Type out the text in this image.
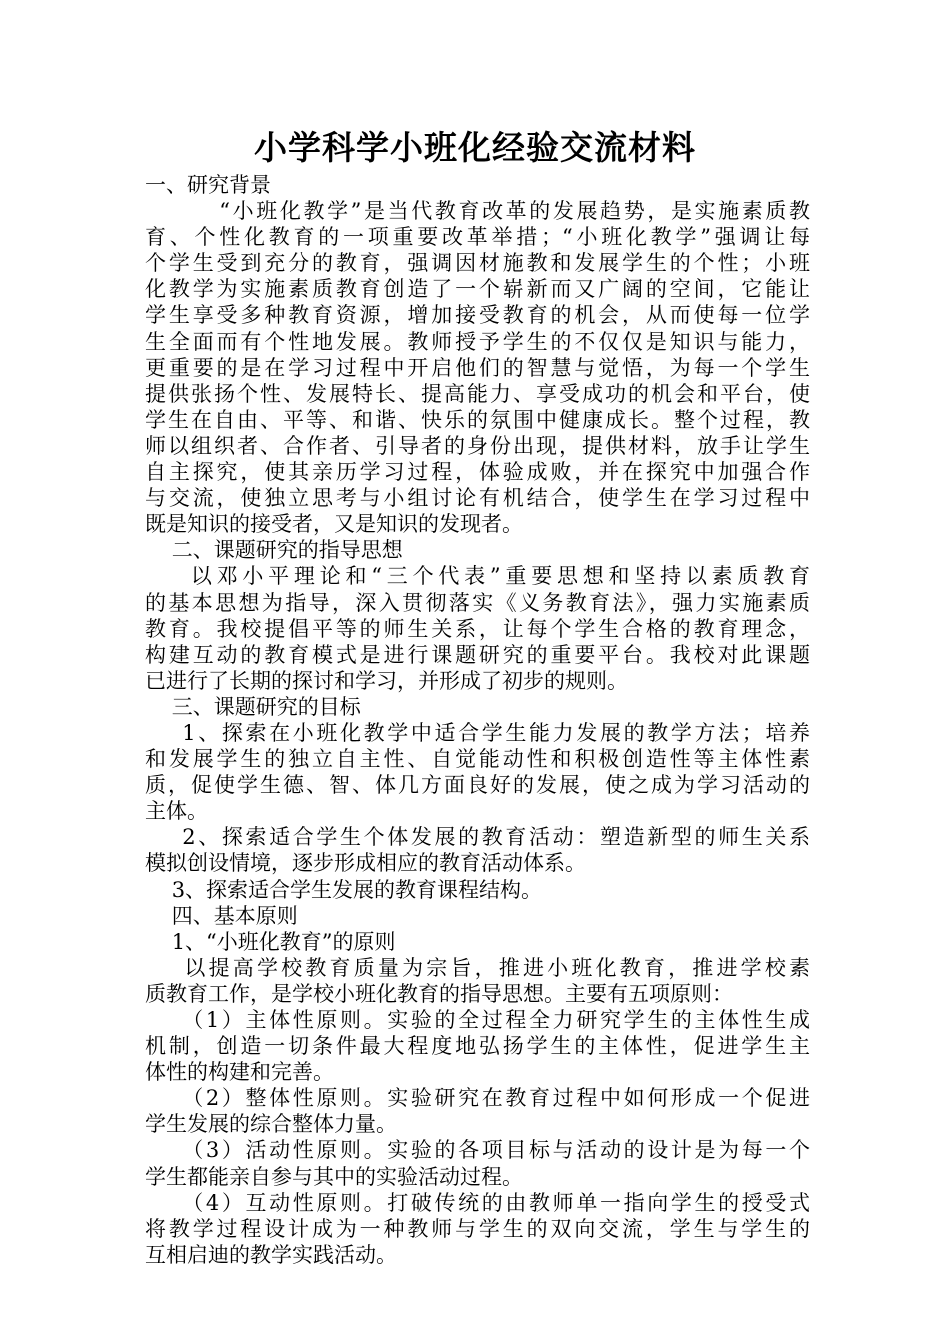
小学科学小班化经验交流材料
一、研究背景
“小班化教学”是当代教育改革的发展趋势，是实施素质教
育、个性化教育的一项重要改革举措；“小班化教学”强调让每
个学生受到充分的教育，强调因材施教和发展学生的个性；小班
化教学为实施素质教育创造了一个崭新而又广阔的空间，它能让
学生享受多种教育资源，增加接受教育的机会，从而使每一位学
生全面而有个性地发展。教师授予学生的不仅仅是知识与能力，
更重要的是在学习过程中开启他们的智慧与觉悟，为每一个学生
提供张扬个性、发展特长、提高能力、享受成功的机会和平台，使
学生在自由、平等、和谐、快乐的氛围中健康成长。整个过程，教
师以组织者、合作者、引导者的身份出现，提供材料，放手让学生
自主探究，使其亲历学习过程，体验成败，并在探究中加强合作
与交流，使独立思考与小组讨论有机结合，使学生在学习过程中
既是知识的接受者，又是知识的发现者。
二、课题研究的指导思想
以邓小平理论和“三个代表”重要思想和坚持以素质教育
的基本思想为指导，深入贯彻落实《义务教育法》，强力实施素质
教育。我校提倡平等的师生关系，让每个学生合格的教育理念，
构建互动的教育模式是进行课题研究的重要平台。我校对此课题
已进行了长期的探讨和学习，并形成了初步的规则。
三、课题研究的目标
1、探索在小班化教学中适合学生能力发展的教学方法；培养
和发展学生的独立自主性、自觉能动性和积极创造性等主体性素
质，促使学生德、智、体几方面良好的发展，使之成为学习活动的
主体。
2、探索适合学生个体发展的教育活动：塑造新型的师生关系
模拟创设情境，逐步形成相应的教育活动体系。
3、探索适合学生发展的教育课程结构。
四、基本原则
1、“小班化教育”的原则
以提高学校教育质量为宗旨，推进小班化教育，推进学校素
质教育工作，是学校小班化教育的指导思想。主要有五项原则：
（1）主体性原则。实验的全过程全力研究学生的主体性生成
机制，创造一切条件最大程度地弘扬学生的主体性，促进学生主
体性的构建和完善。
（2）整体性原则。实验研究在教育过程中如何形成一个促进
学生发展的综合整体力量。
（3）活动性原则。实验的各项目标与活动的设计是为每一个
学生都能亲自参与其中的实验活动过程。
（4）互动性原则。打破传统的由教师单一指向学生的授受式
将教学过程设计成为一种教师与学生的双向交流，学生与学生的
互相启迪的教学实践活动。
